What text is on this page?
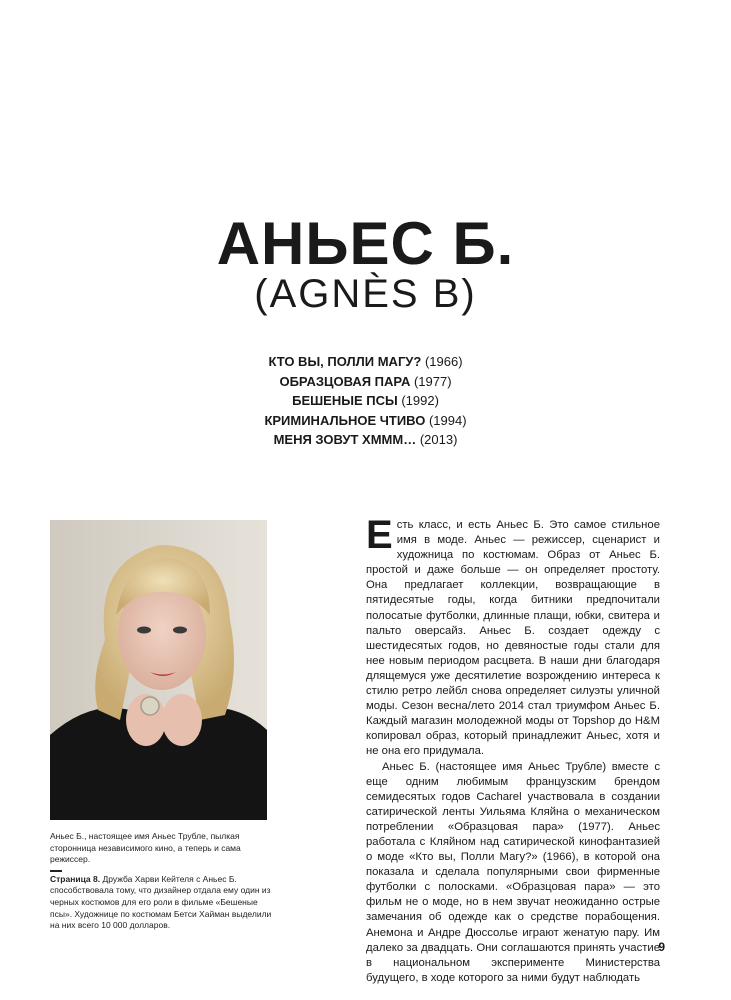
АНЬЕС Б.
(AGNÈS B)
КТО ВЫ, ПОЛЛИ МАГУ? (1966)
ОБРАЗЦОВАЯ ПАРА (1977)
БЕШЕНЫЕ ПСЫ (1992)
КРИМИНАЛЬНОЕ ЧТИВО (1994)
МЕНЯ ЗОВУТ ХМММ… (2013)

Аньес Б., настоящее имя Аньес Трубле, пылкая сторонница независимого кино, а теперь и сама режиссер.

Страница 8. Дружба Харви Кейтеля с Аньес Б. способствовала тому, что дизайнер отдала ему один из черных костюмов для его роли в фильме «Бешеные псы». Художнице по костюмам Бетси Хайман выделили на них всего 10 000 долларов.

Есть класс, и есть Аньес Б. Это самое стильное имя в моде. Аньес — режиссер, сценарист и художница по костюмам. Образ от Аньес Б. простой и даже больше — он определяет простоту. Она предлагает коллекции, возвращающие в пятидесятые годы, когда битники предпочитали полосатые футболки, длинные плащи, юбки, свитера и пальто оверсайз. Аньес Б. создает одежду с шестидесятых годов, но девяностые годы стали для нее новым периодом расцвета. В наши дни благодаря длящемуся уже десятилетие возрождению интереса к стилю ретро лейбл снова определяет силуэты уличной моды. Сезон весна/лето 2014 стал триумфом Аньес Б. Каждый магазин молодежной моды от Topshop до H&M копировал образ, который принадлежит Аньес, хотя и не она его придумала.

Аньес Б. (настоящее имя Аньес Трубле) вместе с еще одним любимым французским брендом семидесятых годов Cacharel участвовала в создании сатирической ленты Уильяма Кляйна о механическом потреблении «Образцовая пара» (1977). Аньес работала с Кляйном над сатирической кинофантазией о моде «Кто вы, Полли Магу?» (1966), в которой она показала и сделала популярными свои фирменные футболки с полосками. «Образцовая пара» — это фильм не о моде, но в нем звучат неожиданно острые замечания об одежде как о средстве порабощения. Анемона и Андре Дюссолье играют женатую пару. Им далеко за двадцать. Они соглашаются принять участие в национальном эксперименте Министерства будущего, в ходе которого за ними будут наблюдать

9
